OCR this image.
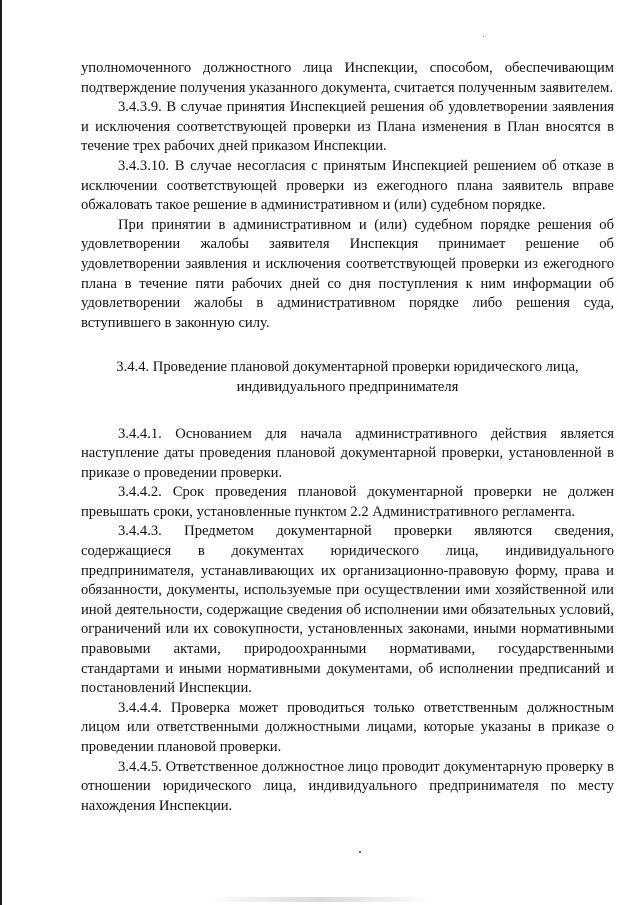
уполномоченного должностного лица Инспекции, способом, обеспечивающим подтверждение получения указанного документа, считается полученным заявителем.

3.4.3.9. В случае принятия Инспекцией решения об удовлетворении заявления и исключения соответствующей проверки из Плана изменения в План вносятся в течение трех рабочих дней приказом Инспекции.

3.4.3.10. В случае несогласия с принятым Инспекцией решением об отказе в исключении соответствующей проверки из ежегодного плана заявитель вправе обжаловать такое решение в административном и (или) судебном порядке.

При принятии в административном и (или) судебном порядке решения об удовлетворении жалобы заявителя Инспекция принимает решение об удовлетворении заявления и исключения соответствующей проверки из ежегодного плана в течение пяти рабочих дней со дня поступления к ним информации об удовлетворении жалобы в административном порядке либо решения суда, вступившего в законную силу.

3.4.4. Проведение плановой документарной проверки юридического лица,
индивидуального предпринимателя

3.4.4.1. Основанием для начала административного действия является наступление даты проведения плановой документарной проверки, установленной в приказе о проведении проверки.

3.4.4.2. Срок проведения плановой документарной проверки не должен превышать сроки, установленные пунктом 2.2 Административного регламента.

3.4.4.3. Предметом документарной проверки являются сведения, содержащиеся в документах юридического лица, индивидуального предпринимателя, устанавливающих их организационно-правовую форму, права и обязанности, документы, используемые при осуществлении ими хозяйственной или иной деятельности, содержащие сведения об исполнении ими обязательных условий, ограничений или их совокупности, установленных законами, иными нормативными правовыми актами, природоохранными нормативами, государственными стандартами и иными нормативными документами, об исполнении предписаний и постановлений Инспекции.

3.4.4.4. Проверка может проводиться только ответственным должностным лицом или ответственными должностными лицами, которые указаны в приказе о проведении плановой проверки.

3.4.4.5. Ответственное должностное лицо проводит документарную проверку в отношении юридического лица, индивидуального предпринимателя по месту нахождения Инспекции.
